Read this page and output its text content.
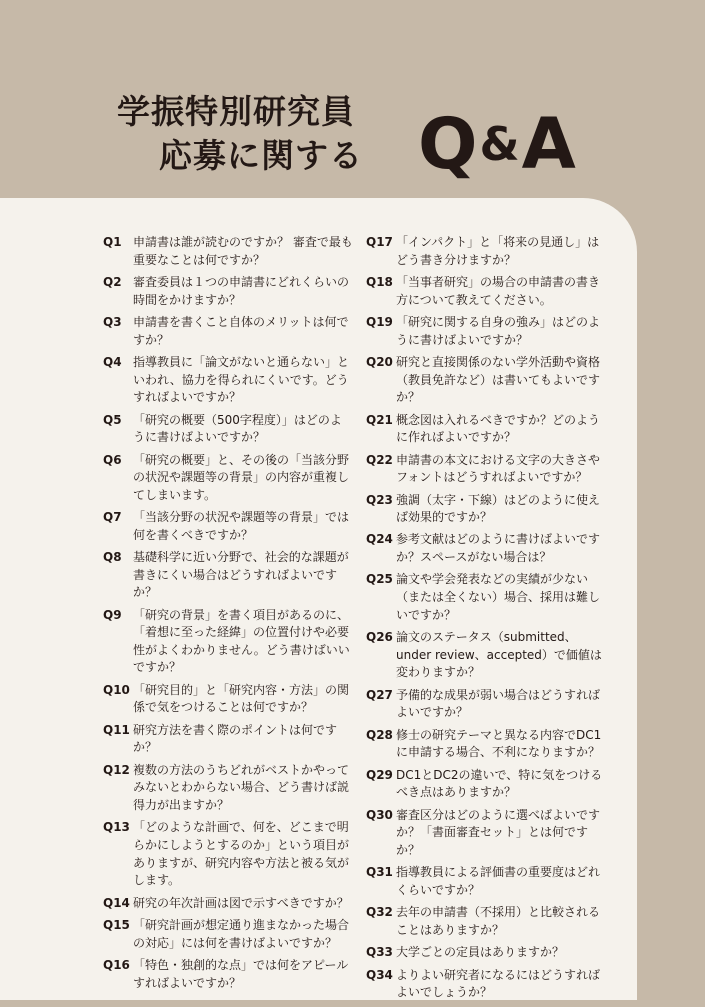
学振特別研究員
応募に関する Q&A
Q1 申請書は誰が読むのですか？ 審査で最も重要なことは何ですか？
Q2 審査委員は１つの申請書にどれくらいの時間をかけますか？
Q3 申請書を書くこと自体のメリットは何ですか？
Q4 指導教員に「論文がないと通らない」といわれ、協力を得られにくいです。どうすればよいですか？
Q5 「研究の概要（500字程度）」はどのように書けばよいですか？
Q6 「研究の概要」と、その後の「当該分野の状況や課題等の背景」の内容が重複してしまいます。
Q7 「当該分野の状況や課題等の背景」では何を書くべきですか？
Q8 基礎科学に近い分野で、社会的な課題が書きにくい場合はどうすればよいですか？
Q9 「研究の背景」を書く項目があるのに、「着想に至った経緯」の位置付けや必要性がよくわかりません。どう書けばいいですか？
Q10 「研究目的」と「研究内容・方法」の関係で気をつけることは何ですか？
Q11 研究方法を書く際のポイントは何ですか？
Q12 複数の方法のうちどれがベストかやってみないとわからない場合、どう書けば説得力が出ますか？
Q13 「どのような計画で、何を、どこまで明らかにしようとするのか」という項目がありますが、研究内容や方法と被る気がします。
Q14 研究の年次計画は図で示すべきですか？
Q15 「研究計画が想定通り進まなかった場合の対応」には何を書けばよいですか？
Q16 「特色・独創的な点」では何をアピールすればよいですか？
Q17 「インパクト」と「将来の見通し」はどう書き分けますか？
Q18 「当事者研究」の場合の申請書の書き方について教えてください。
Q19 「研究に関する自身の強み」はどのように書けばよいですか？
Q20 研究と直接関係のない学外活動や資格（教員免許など）は書いてもよいですか？
Q21 概念図は入れるべきですか？どのように作ればよいですか？
Q22 申請書の本文における文字の大きさやフォントはどうすればよいですか？
Q23 強調（太字・下線）はどのように使えば効果的ですか？
Q24 参考文献はどのように書けばよいですか？スペースがない場合は？
Q25 論文や学会発表などの実績が少ない（または全くない）場合、採用は難しいですか？
Q26 論文のステータス（submitted、under review、accepted）で価値は変わりますか？
Q27 予備的な成果が弱い場合はどうすればよいですか？
Q28 修士の研究テーマと異なる内容でDC1に申請する場合、不利になりますか？
Q29 DC1とDC2の違いで、特に気をつけるべき点はありますか？
Q30 審査区分はどのように選べばよいですか？「書面審査セット」とは何ですか？
Q31 指導教員による評価書の重要度はどれくらいですか？
Q32 去年の申請書（不採用）と比較されることはありますか？
Q33 大学ごとの定員はありますか？
Q34 よりよい研究者になるにはどうすればよいでしょうか？
